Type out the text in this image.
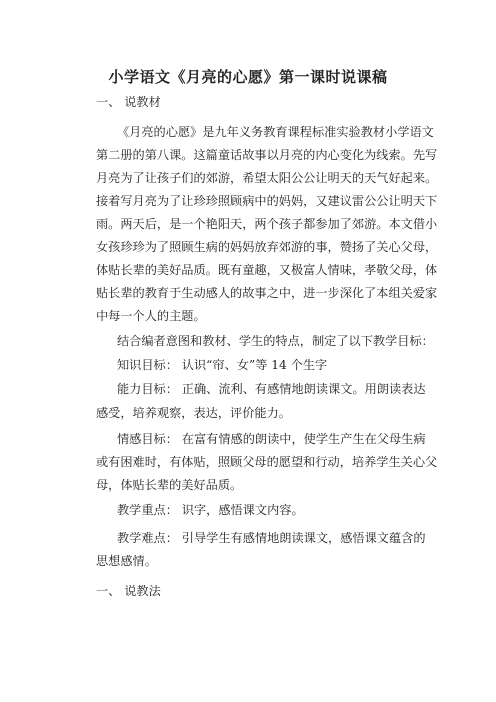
小学语文《月亮的心愿》第一课时说课稿
一、 说教材
《月亮的心愿》是九年义务教育课程标准实验教材小学语文
第二册的第八课。这篇童话故事以月亮的内心变化为线索。先写
月亮为了让孩子们的郊游，希望太阳公公让明天的天气好起来。
接着写月亮为了让珍珍照顾病中的妈妈，又建议雷公公让明天下
雨。两天后，是一个艳阳天，两个孩子都参加了郊游。本文借小
女孩珍珍为了照顾生病的妈妈放弃郊游的事，赞扬了关心父母，
体贴长辈的美好品质。既有童趣，又极富人情味，孝敬父母，体
贴长辈的教育于生动感人的故事之中，进一步深化了本组关爱家
中每一个人的主题。
结合编者意图和教材、学生的特点，制定了以下教学目标：
知识目标： 认识“帘、女”等 14 个生字
能力目标： 正确、流利、有感情地朗读课文。用朗读表达
感受，培养观察，表达，评价能力。
情感目标： 在富有情感的朗读中，使学生产生在父母生病
或有困难时，有体贴，照顾父母的愿望和行动，培养学生关心父
母，体贴长辈的美好品质。
教学重点： 识字，感悟课文内容。
教学难点： 引导学生有感情地朗读课文，感悟课文蕴含的
思想感情。
一、 说教法
